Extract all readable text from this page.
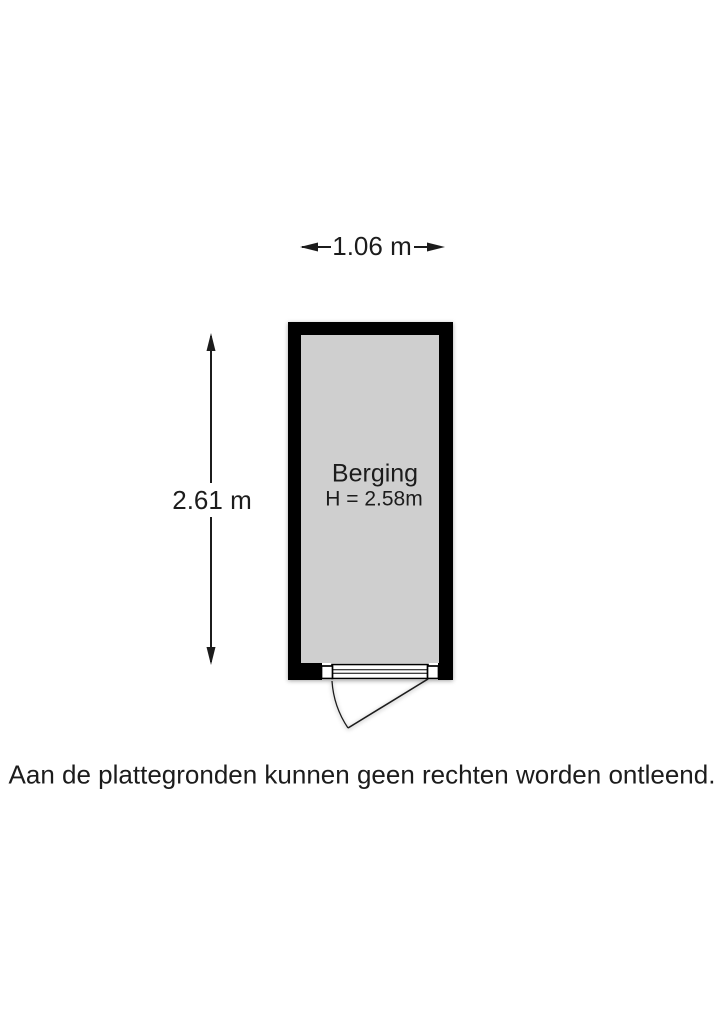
1.06 m
2.61 m
Berging
H = 2.58m
Aan de plattegronden kunnen geen rechten worden ontleend.
